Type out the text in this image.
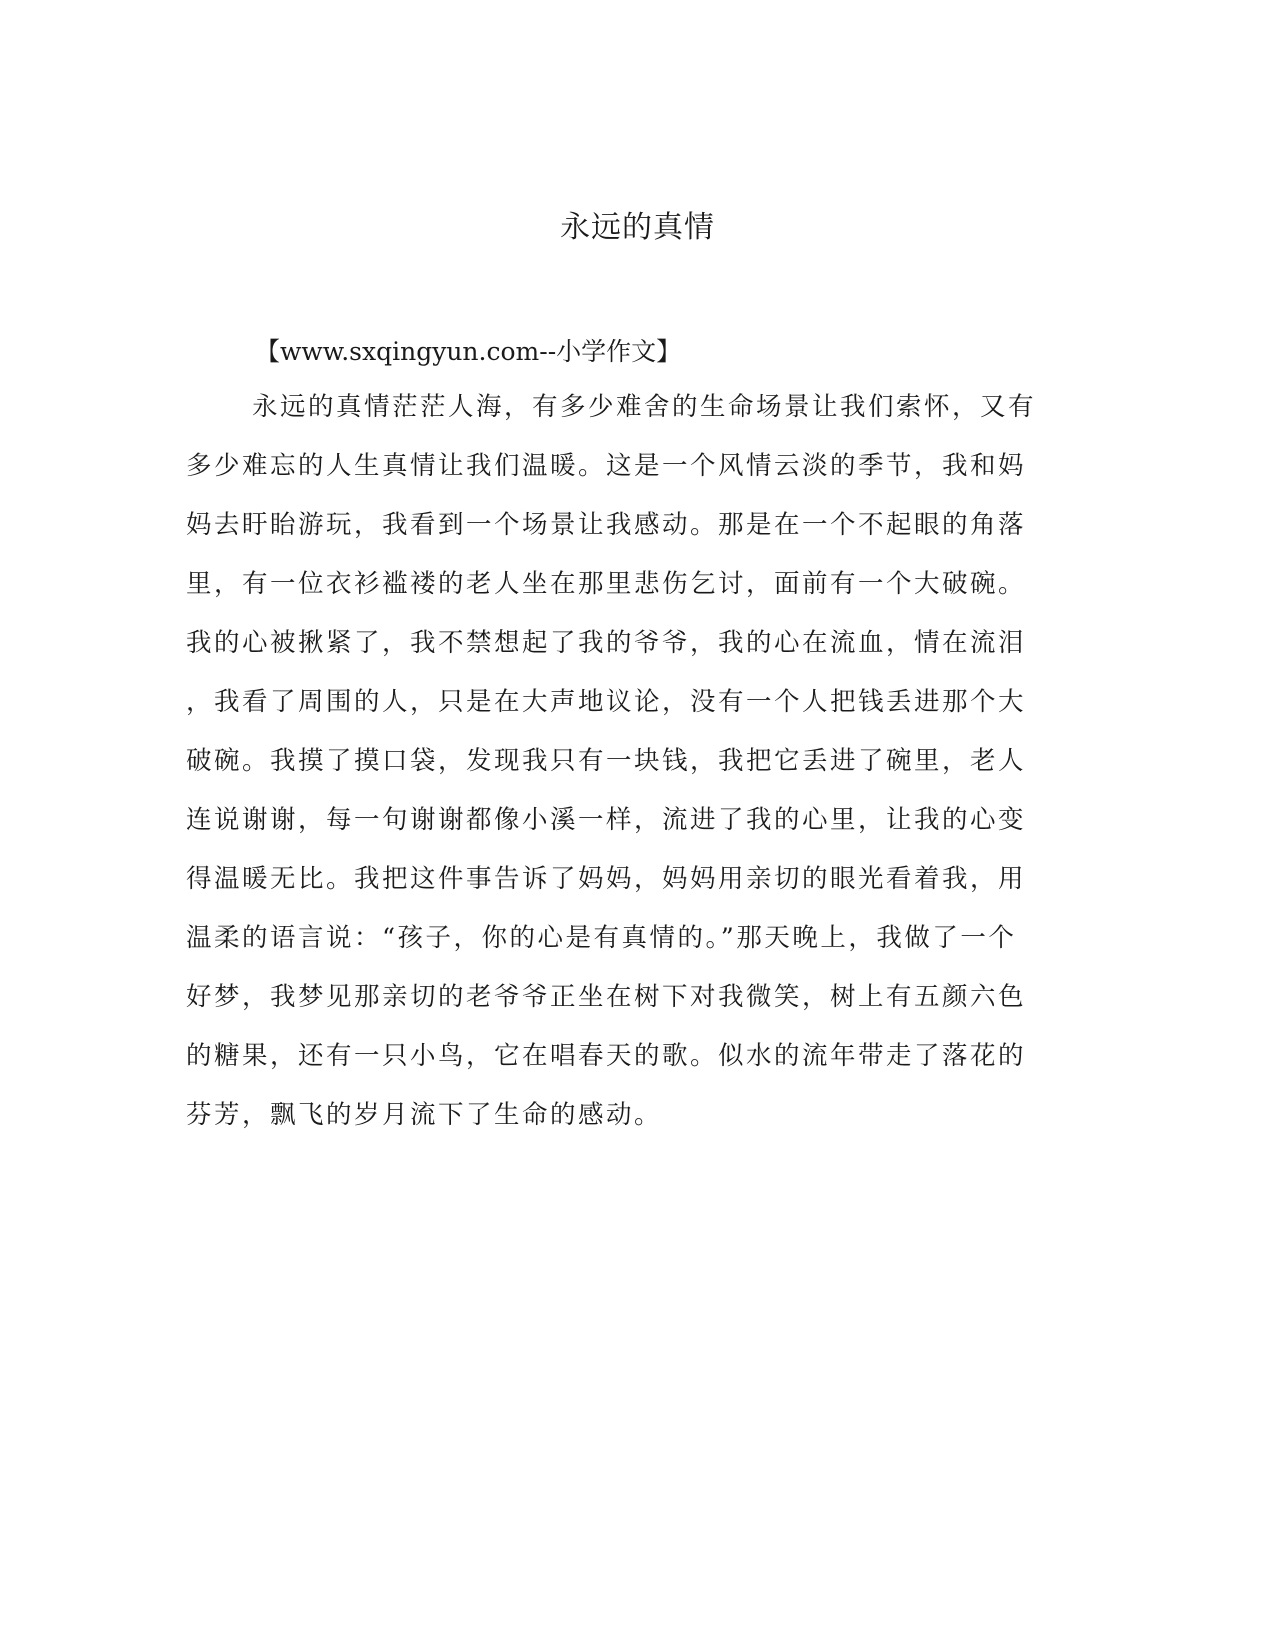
永远的真情
【www.sxqingyun.com--小学作文】
永远的真情茫茫人海，有多少难舍的生命场景让我们索怀，又有
多少难忘的人生真情让我们温暖。这是一个风情云淡的季节，我和妈
妈去盱眙游玩，我看到一个场景让我感动。那是在一个不起眼的角落
里，有一位衣衫褴褛的老人坐在那里悲伤乞讨，面前有一个大破碗。
我的心被揪紧了，我不禁想起了我的爷爷，我的心在流血，情在流泪
，我看了周围的人，只是在大声地议论，没有一个人把钱丢进那个大
破碗。我摸了摸口袋，发现我只有一块钱，我把它丢进了碗里，老人
连说谢谢，每一句谢谢都像小溪一样，流进了我的心里，让我的心变
得温暖无比。我把这件事告诉了妈妈，妈妈用亲切的眼光看着我，用
温柔的语言说：“孩子，你的心是有真情的。”那天晚上，我做了一个
好梦，我梦见那亲切的老爷爷正坐在树下对我微笑，树上有五颜六色
的糖果，还有一只小鸟，它在唱春天的歌。似水的流年带走了落花的
芬芳，飘飞的岁月流下了生命的感动。
